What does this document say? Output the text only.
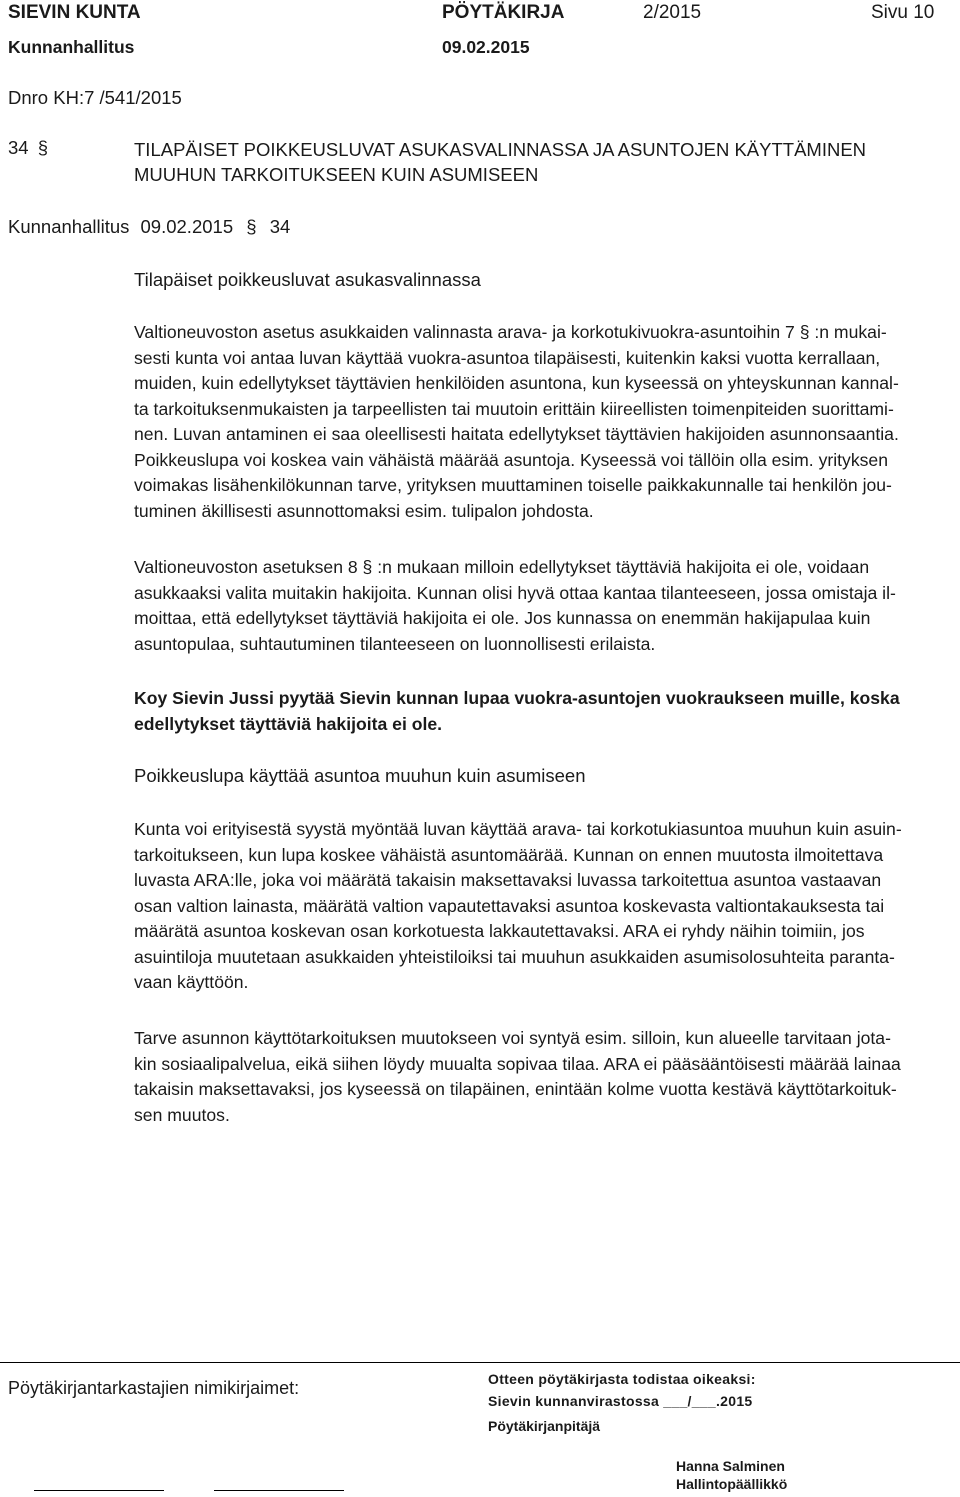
SIEVIN KUNTA	PÖYTÄKIRJA	2/2015	Sivu 10
Kunnanhallitus	09.02.2015
Dnro KH:7 /541/2015
34 §	TILAPÄISET POIKKEUSLUVAT ASUKASVALINNASSA JA ASUNTOJEN KÄYTTÄMINEN
MUUHUN TARKOITUKSEEN KUIN ASUMISEEN
Kunnanhallitus 09.02.2015 § 34
Tilapäiset poikkeusluvat asukasvalinnassa
Valtioneuvoston asetus asukkaiden valinnasta arava- ja korkotukivuokra-asuntoihin 7 § :n mukai-
sesti kunta voi antaa luvan käyttää vuokra-asuntoa tilapäisesti, kuitenkin kaksi vuotta kerrallaan,
muiden, kuin edellytykset täyttävien henkilöiden asuntona, kun kyseessä on yhteyskunnan kannal-
ta tarkoituksenmukaisten ja tarpeellisten tai muutoin erittäin kiireellisten toimenpiteiden suorittami-
nen. Luvan antaminen ei saa oleellisesti haitata edellytykset täyttävien hakijoiden asunnonsaantia.
Poikkeuslupa voi koskea vain vähäistä määrää asuntoja. Kyseessä voi tällöin olla esim. yrityksen
voimakas lisähenkilökunnan tarve, yrityksen muuttaminen toiselle paikkakunnalle tai henkilön jou-
tuminen äkillisesti asunnottomaksi esim. tulipalon johdosta.
Valtioneuvoston asetuksen 8 § :n mukaan milloin edellytykset täyttäviä hakijoita ei ole, voidaan
asukkaaksi valita muitakin hakijoita. Kunnan olisi hyvä ottaa kantaa tilanteeseen, jossa omistaja il-
moittaa, että edellytykset täyttäviä hakijoita ei ole. Jos kunnassa on enemmän hakijapulaa kuin
asuntopulaa, suhtautuminen tilanteeseen on luonnollisesti erilaista.
Koy Sievin Jussi pyytää Sievin kunnan lupaa vuokra-asuntojen vuokraukseen muille, koska
edellytykset täyttäviä hakijoita ei ole.
Poikkeuslupa käyttää asuntoa muuhun kuin asumiseen
Kunta voi erityisestä syystä myöntää luvan käyttää arava- tai korkotukiasuntoa muuhun kuin asuin-
tarkoitukseen, kun lupa koskee vähäistä asuntomäärää. Kunnan on ennen muutosta ilmoitettava
luvasta ARA:lle, joka voi määrätä takaisin maksettavaksi luvassa tarkoitettua asuntoa vastaavan
osan valtion lainasta, määrätä valtion vapautettavaksi asuntoa koskevasta valtiontakauksesta tai
määrätä asuntoa koskevan osan korkotuesta lakkautettavaksi. ARA ei ryhdy näihin toimiin, jos
asuintiloja muutetaan asukkaiden yhteistiloiksi tai muuhun asukkaiden asumisolosuhteita paranta-
vaan käyttöön.
Tarve asunnon käyttötarkoituksen muutokseen voi syntyä esim. silloin, kun alueelle tarvitaan jota-
kin sosiaalipalvelua, eikä siihen löydy muualta sopivaa tilaa. ARA ei pääsääntöisesti määrää lainaa
takaisin maksettavaksi, jos kyseessä on tilapäinen, enintään kolme vuotta kestävä käyttötarkoituk-
sen muutos.
Pöytäkirjantarkastajien nimikirjaimet:	Otteen pöytäkirjasta todistaa oikeaksi:
Sievin kunnanvirastossa ___/___.2015
Pöytäkirjanpitäjä
Hanna Salminen
Hallintopäällikkö
